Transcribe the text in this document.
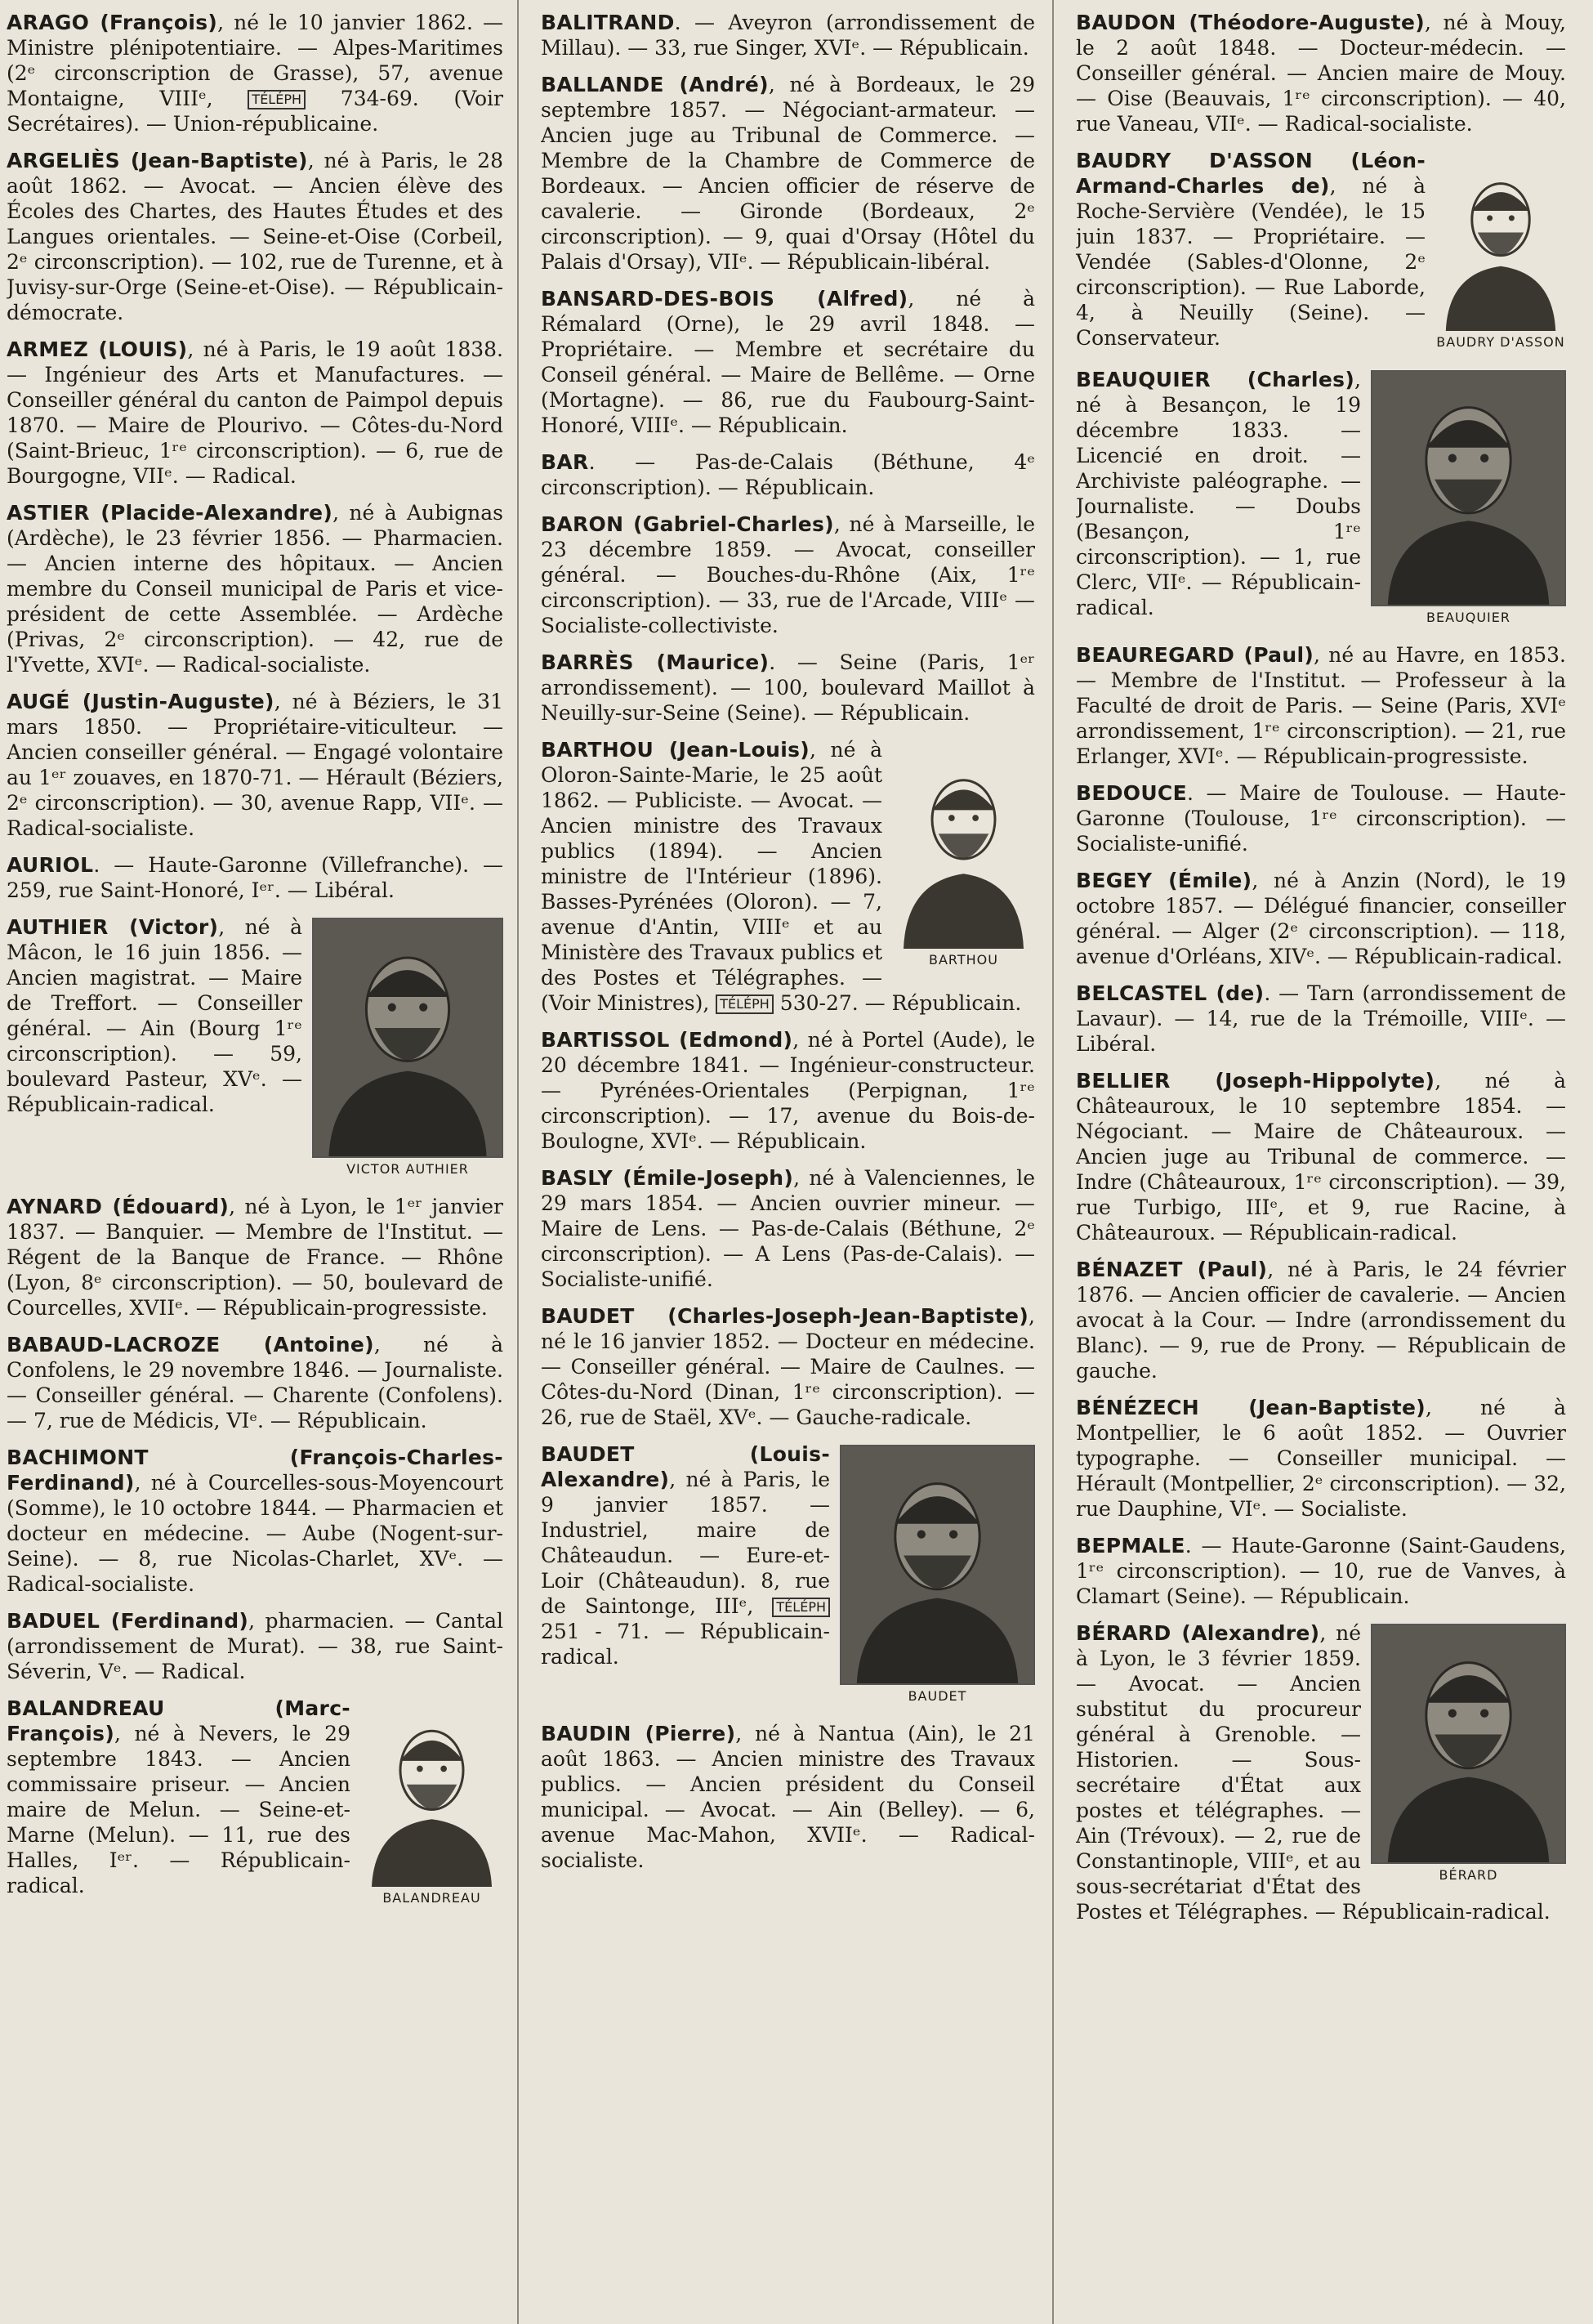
ARAGO (François), né le 10 janvier 1862. — Ministre plénipotentiaire. — Alpes-Maritimes (2ᵉ circonscription de Grasse), 57, avenue Montaigne, VIIIᵉ, TÉLÉPH 734-69. (Voir Secrétaires). — Union-républicaine.
ARGELIÈS (Jean-Baptiste), né à Paris, le 28 août 1862. — Avocat. — Ancien élève des Écoles des Chartes, des Hautes Études et des Langues orientales. — Seine-et-Oise (Corbeil, 2ᵉ circonscription). — 102, rue de Turenne, et à Juvisy-sur-Orge (Seine-et-Oise). — Républicain-démocrate.
ARMEZ (LOUIS), né à Paris, le 19 août 1838. — Ingénieur des Arts et Manufactures. — Conseiller général du canton de Paimpol depuis 1870. — Maire de Plourivo. — Côtes-du-Nord (Saint-Brieuc, 1ʳᵉ circonscription). — 6, rue de Bourgogne, VIIᵉ. — Radical.
ASTIER (Placide-Alexandre), né à Aubignas (Ardèche), le 23 février 1856. — Pharmacien. — Ancien interne des hôpitaux. — Ancien membre du Conseil municipal de Paris et vice-président de cette Assemblée. — Ardèche (Privas, 2ᵉ circonscription). — 42, rue de l'Yvette, XVIᵉ. — Radical-socialiste.
AUGÉ (Justin-Auguste), né à Béziers, le 31 mars 1850. — Propriétaire-viticulteur. — Ancien conseiller général. — Engagé volontaire au 1ᵉʳ zouaves, en 1870-71. — Hérault (Béziers, 2ᵉ circonscription). — 30, avenue Rapp, VIIᵉ. — Radical-socialiste.
AURIOL. — Haute-Garonne (Villefranche). — 259, rue Saint-Honoré, Iᵉʳ. — Libéral.
VICTOR AUTHIER
AUTHIER (Victor), né à Mâcon, le 16 juin 1856. — Ancien magistrat. — Maire de Treffort. — Conseiller général. — Ain (Bourg 1ʳᵉ circonscription). — 59, boulevard Pasteur, XVᵉ. — Républicain-radical.
AYNARD (Édouard), né à Lyon, le 1ᵉʳ janvier 1837. — Banquier. — Membre de l'Institut. — Régent de la Banque de France. — Rhône (Lyon, 8ᵉ circonscription). — 50, boulevard de Courcelles, XVIIᵉ. — Républicain-progressiste.
BABAUD-LACROZE (Antoine), né à Confolens, le 29 novembre 1846. — Journaliste. — Conseiller général. — Charente (Confolens). — 7, rue de Médicis, VIᵉ. — Républicain.
BACHIMONT (François-Charles-Ferdinand), né à Courcelles-sous-Moyencourt (Somme), le 10 octobre 1844. — Pharmacien et docteur en médecine. — Aube (Nogent-sur-Seine). — 8, rue Nicolas-Charlet, XVᵉ. — Radical-socialiste.
BADUEL (Ferdinand), pharmacien. — Cantal (arrondissement de Murat). — 38, rue Saint-Séverin, Vᵉ. — Radical.
BALANDREAU
BALANDREAU (Marc-François), né à Nevers, le 29 septembre 1843. — Ancien commissaire priseur. — Ancien maire de Melun. — Seine-et-Marne (Melun). — 11, rue des Halles, Iᵉʳ. — Républicain-radical.
BALITRAND. — Aveyron (arrondissement de Millau). — 33, rue Singer, XVIᵉ. — Républicain.
BALLANDE (André), né à Bordeaux, le 29 septembre 1857. — Négociant-armateur. — Ancien juge au Tribunal de Commerce. — Membre de la Chambre de Commerce de Bordeaux. — Ancien officier de réserve de cavalerie. — Gironde (Bordeaux, 2ᵉ circonscription). — 9, quai d'Orsay (Hôtel du Palais d'Orsay), VIIᵉ. — Républicain-libéral.
BANSARD-DES-BOIS (Alfred), né à Rémalard (Orne), le 29 avril 1848. — Propriétaire. — Membre et secrétaire du Conseil général. — Maire de Bellême. — Orne (Mortagne). — 86, rue du Faubourg-Saint-Honoré, VIIIᵉ. — Républicain.
BAR. — Pas-de-Calais (Béthune, 4ᵉ circonscription). — Républicain.
BARON (Gabriel-Charles), né à Marseille, le 23 décembre 1859. — Avocat, conseiller général. — Bouches-du-Rhône (Aix, 1ʳᵉ circonscription). — 33, rue de l'Arcade, VIIIᵉ — Socialiste-collectiviste.
BARRÈS (Maurice). — Seine (Paris, 1ᵉʳ arrondissement). — 100, boulevard Maillot à Neuilly-sur-Seine (Seine). — Républicain.
BARTHOU
BARTHOU (Jean-Louis), né à Oloron-Sainte-Marie, le 25 août 1862. — Publiciste. — Avocat. — Ancien ministre des Travaux publics (1894). — Ancien ministre de l'Intérieur (1896). Basses-Pyrénées (Oloron). — 7, avenue d'Antin, VIIIᵉ et au Ministère des Travaux publics et des Postes et Télégraphes. — (Voir Ministres), TÉLÉPH 530-27. — Républicain.
BARTISSOL (Edmond), né à Portel (Aude), le 20 décembre 1841. — Ingénieur-constructeur. — Pyrénées-Orientales (Perpignan, 1ʳᵉ circonscription). — 17, avenue du Bois-de-Boulogne, XVIᵉ. — Républicain.
BASLY (Émile-Joseph), né à Valenciennes, le 29 mars 1854. — Ancien ouvrier mineur. — Maire de Lens. — Pas-de-Calais (Béthune, 2ᵉ circonscription). — A Lens (Pas-de-Calais). — Socialiste-unifié.
BAUDET (Charles-Joseph-Jean-Baptiste), né le 16 janvier 1852. — Docteur en médecine. — Conseiller général. — Maire de Caulnes. — Côtes-du-Nord (Dinan, 1ʳᵉ circonscription). — 26, rue de Staël, XVᵉ. — Gauche-radicale.
BAUDET
BAUDET (Louis-Alexandre), né à Paris, le 9 janvier 1857. — Industriel, maire de Châteaudun. — Eure-et-Loir (Châteaudun). 8, rue de Saintonge, IIIᵉ, TÉLÉPH 251 - 71. — Républicain-radical.
BAUDIN (Pierre), né à Nantua (Ain), le 21 août 1863. — Ancien ministre des Travaux publics. — Ancien président du Conseil municipal. — Avocat. — Ain (Belley). — 6, avenue Mac-Mahon, XVIIᵉ. — Radical-socialiste.
BAUDON (Théodore-Auguste), né à Mouy, le 2 août 1848. — Docteur-médecin. — Conseiller général. — Ancien maire de Mouy. — Oise (Beauvais, 1ʳᵉ circonscription). — 40, rue Vaneau, VIIᵉ. — Radical-socialiste.
BAUDRY D'ASSON
BAUDRY D'ASSON (Léon-Armand-Charles de), né à Roche-Servière (Vendée), le 15 juin 1837. — Propriétaire. — Vendée (Sables-d'Olonne, 2ᵉ circonscription). — Rue Laborde, 4, à Neuilly (Seine). — Conservateur.
BEAUQUIER
BEAUQUIER (Charles), né à Besançon, le 19 décembre 1833. — Licencié en droit. — Archiviste paléographe. — Journaliste. — Doubs (Besançon, 1ʳᵉ circonscription). — 1, rue Clerc, VIIᵉ. — Républicain-radical.
BEAUREGARD (Paul), né au Havre, en 1853. — Membre de l'Institut. — Professeur à la Faculté de droit de Paris. — Seine (Paris, XVIᵉ arrondissement, 1ʳᵉ circonscription). — 21, rue Erlanger, XVIᵉ. — Républicain-progressiste.
BEDOUCE. — Maire de Toulouse. — Haute-Garonne (Toulouse, 1ʳᵉ circonscription). — Socialiste-unifié.
BEGEY (Émile), né à Anzin (Nord), le 19 octobre 1857. — Délégué financier, conseiller général. — Alger (2ᵉ circonscription). — 118, avenue d'Orléans, XIVᵉ. — Républicain-radical.
BELCASTEL (de). — Tarn (arrondissement de Lavaur). — 14, rue de la Trémoille, VIIIᵉ. — Libéral.
BELLIER (Joseph-Hippolyte), né à Châteauroux, le 10 septembre 1854. — Négociant. — Maire de Châteauroux. — Ancien juge au Tribunal de commerce. — Indre (Châteauroux, 1ʳᵉ circonscription). — 39, rue Turbigo, IIIᵉ, et 9, rue Racine, à Châteauroux. — Républicain-radical.
BÉNAZET (Paul), né à Paris, le 24 février 1876. — Ancien officier de cavalerie. — Ancien avocat à la Cour. — Indre (arrondissement du Blanc). — 9, rue de Prony. — Républicain de gauche.
BÉNÉZECH (Jean-Baptiste), né à Montpellier, le 6 août 1852. — Ouvrier typographe. — Conseiller municipal. — Hérault (Montpellier, 2ᵉ circonscription). — 32, rue Dauphine, VIᵉ. — Socialiste.
BEPMALE. — Haute-Garonne (Saint-Gaudens, 1ʳᵉ circonscription). — 10, rue de Vanves, à Clamart (Seine). — Républicain.
BÉRARD
BÉRARD (Alexandre), né à Lyon, le 3 février 1859. — Avocat. — Ancien substitut du procureur général à Grenoble. — Historien. — Sous-secrétaire d'État aux postes et télégraphes. — Ain (Trévoux). — 2, rue de Constantinople, VIIIᵉ, et au sous-secrétariat d'État des Postes et Télégraphes. — Républicain-radical.
